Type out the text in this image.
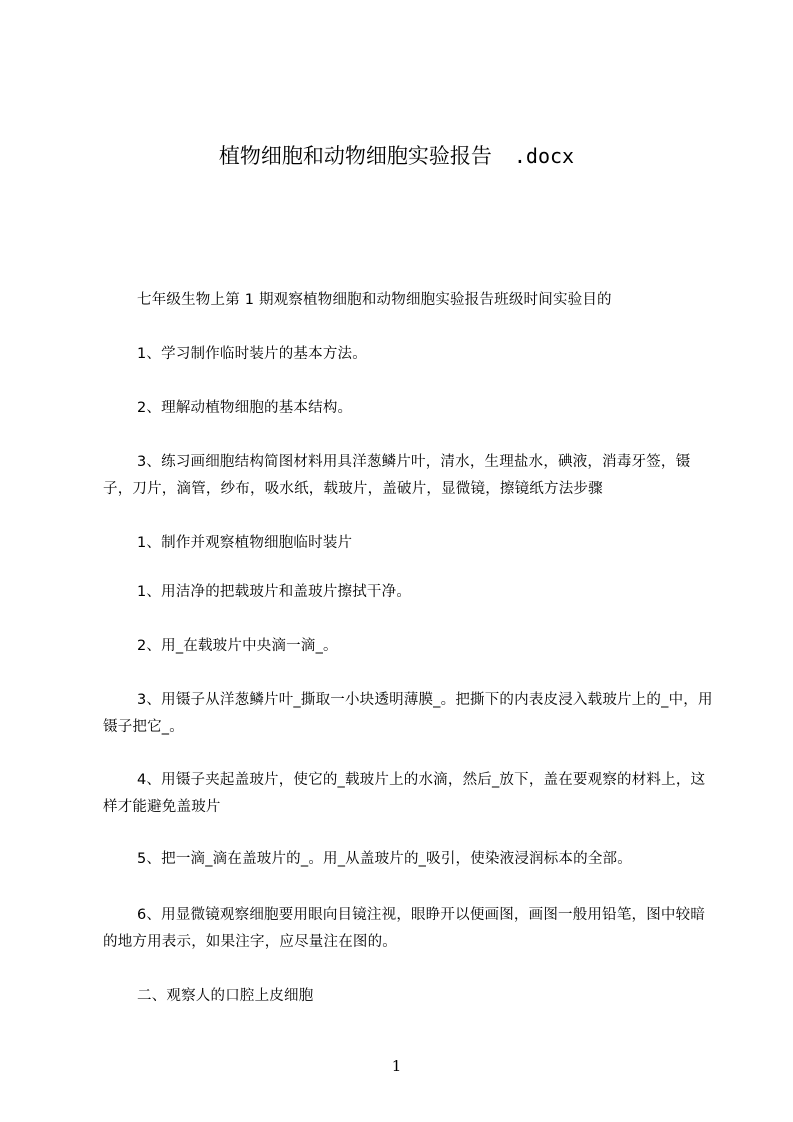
植物细胞和动物细胞实验报告 .docx
七年级生物上第 1 期观察植物细胞和动物细胞实验报告班级时间实验目的
1、学习制作临时装片的基本方法。
2、理解动植物细胞的基本结构。
3、练习画细胞结构简图材料用具洋葱鳞片叶，清水，生理盐水，碘液，消毒牙签，镊子，刀片，滴管，纱布，吸水纸，载玻片，盖破片，显微镜，擦镜纸方法步骤
1、制作并观察植物细胞临时装片
1、用洁净的把载玻片和盖玻片擦拭干净。
2、用_在载玻片中央滴一滴_。
3、用镊子从洋葱鳞片叶_撕取一小块透明薄膜_。把撕下的内表皮浸入载玻片上的_中，用镊子把它_。
4、用镊子夹起盖玻片，使它的_载玻片上的水滴，然后_放下，盖在要观察的材料上，这样才能避免盖玻片
5、把一滴_滴在盖玻片的_。用_从盖玻片的_吸引，使染液浸润标本的全部。
6、用显微镜观察细胞要用眼向目镜注视，眼睁开以便画图，画图一般用铅笔，图中较暗的地方用表示，如果注字，应尽量注在图的。
二、观察人的口腔上皮细胞
1
